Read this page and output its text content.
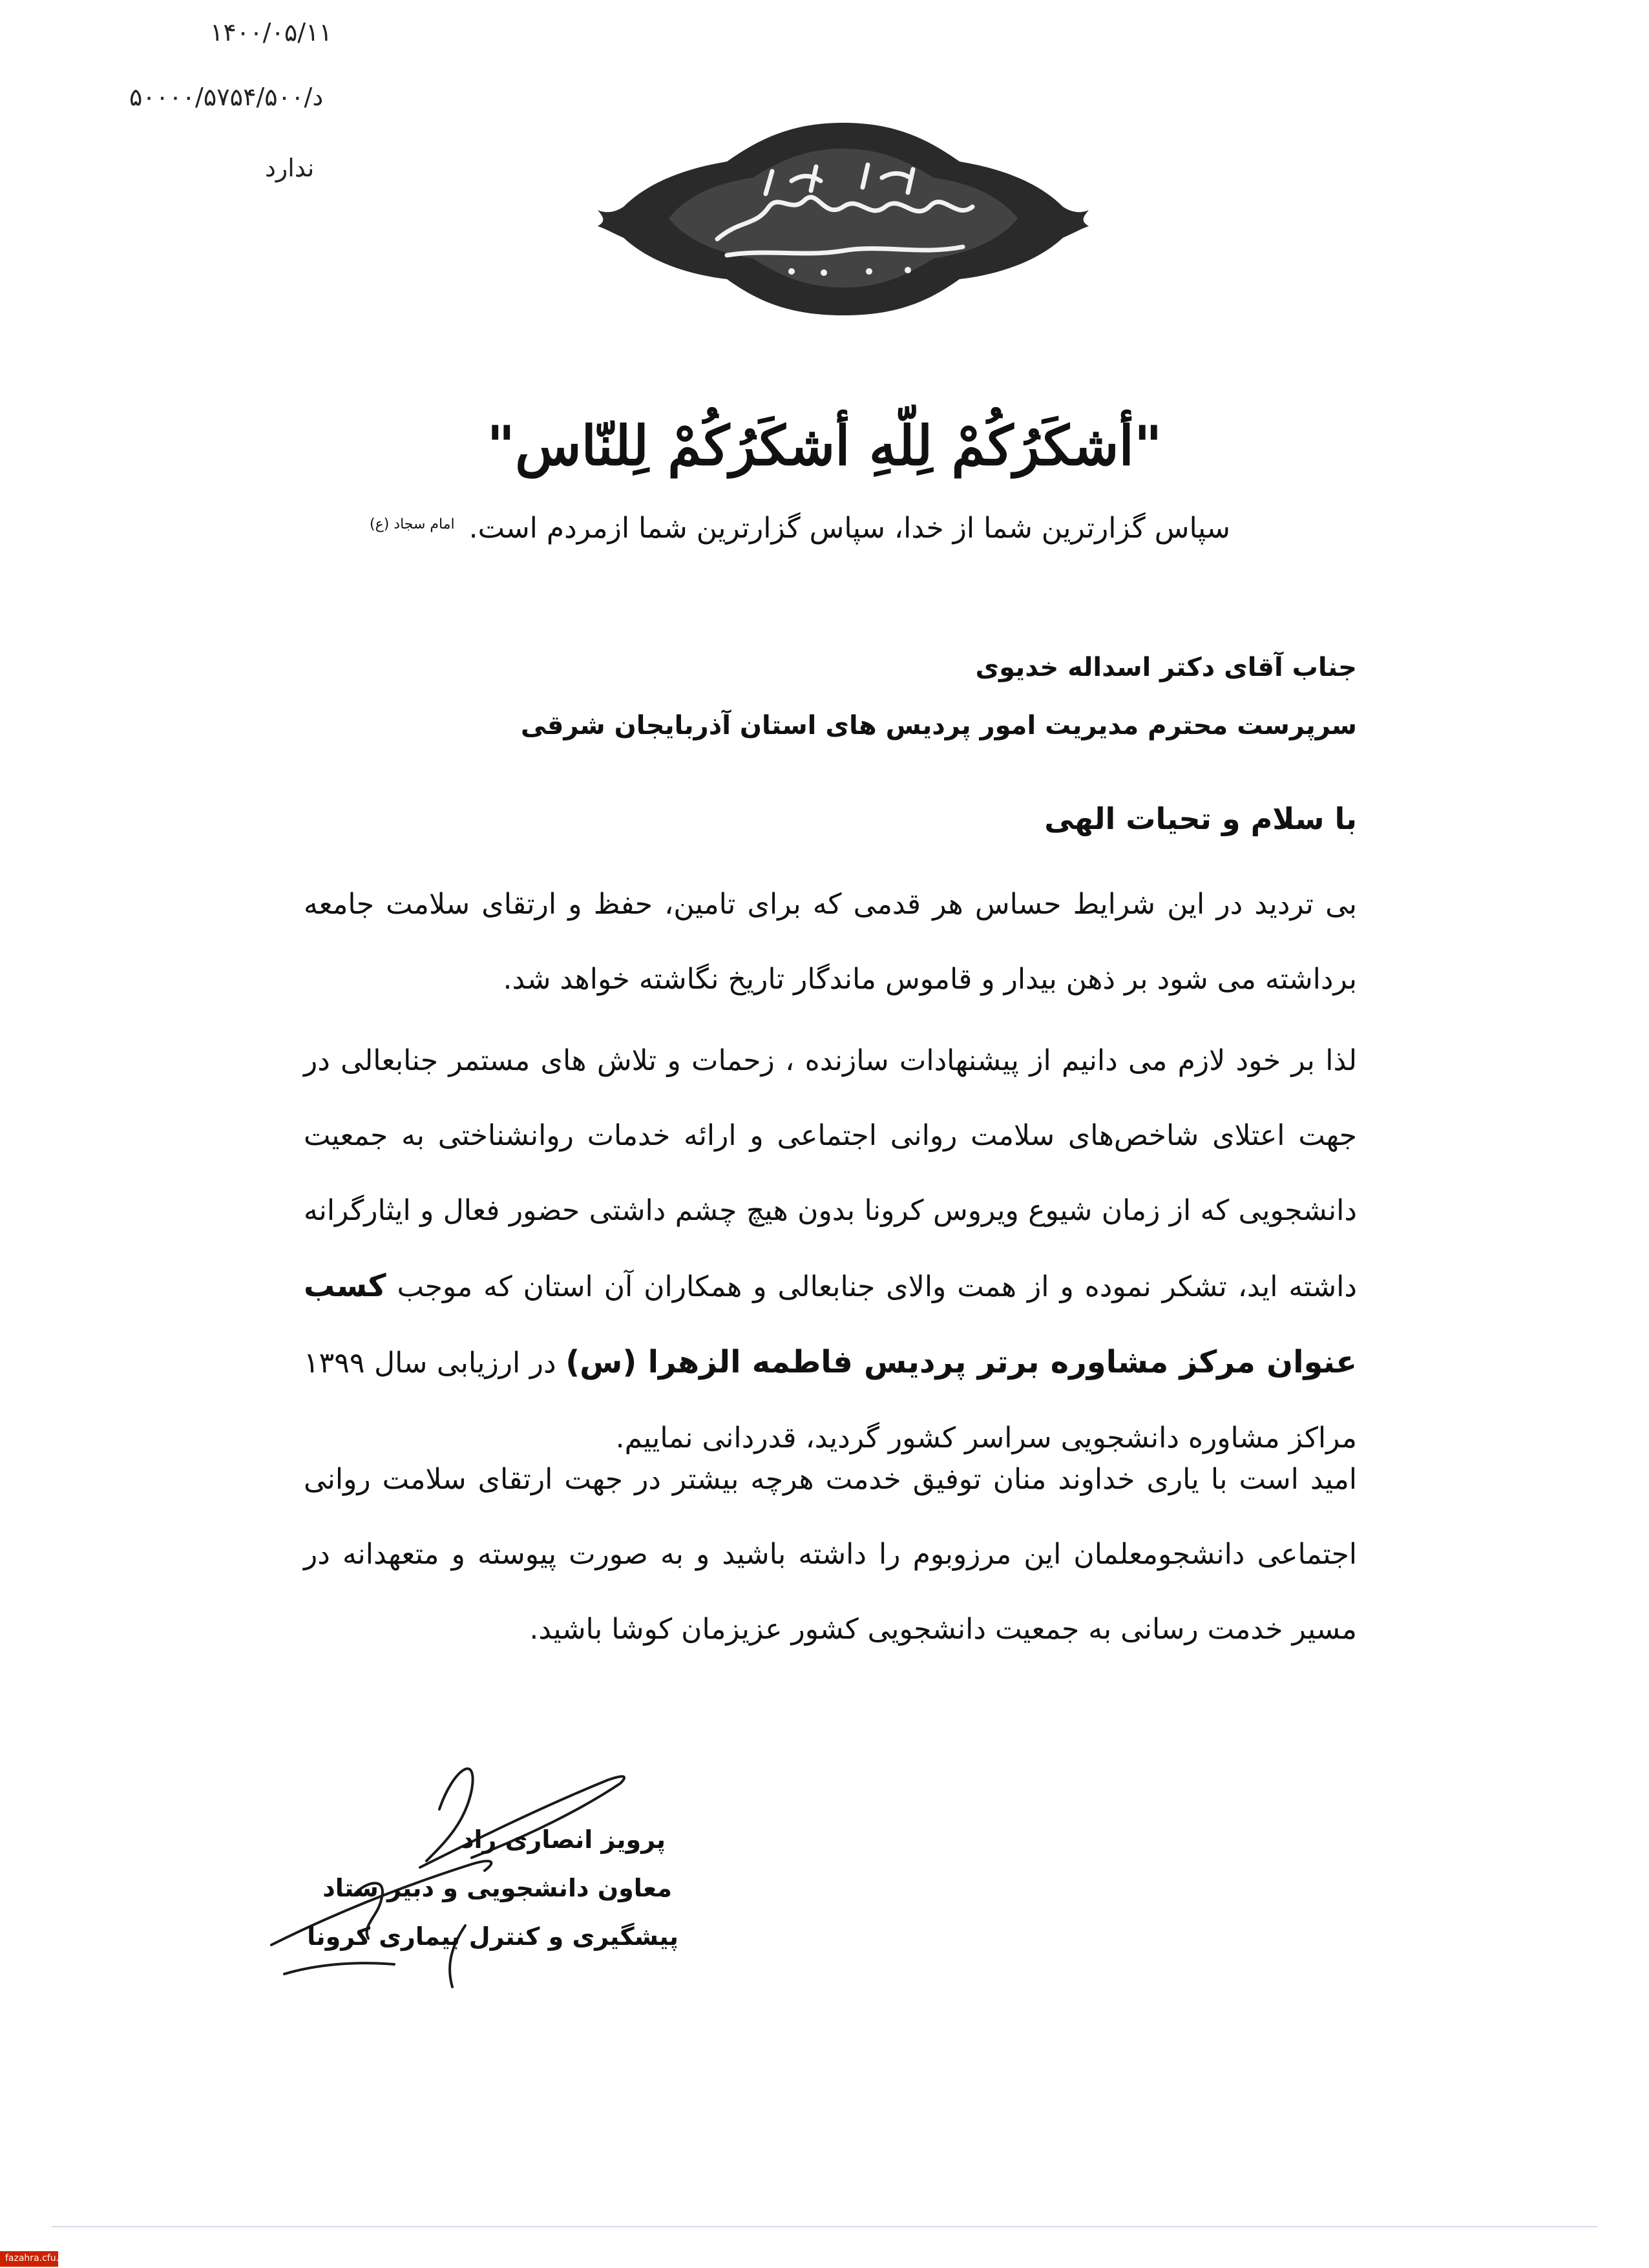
۱۴۰۰/۰۵/۱۱
د/۵۰۰۰۰/۵۷۵۴/۵۰۰
ندارد
"أشكَرُكُمْ لِلّهِ أشكَرُكُمْ لِلنّاس"
سپاس گزارترین شما از خدا، سپاس گزارترین شما ازمردم است.$^{امام سجاد (ع)}$
جناب آقای دکتر اسداله خدیوی
سرپرست محترم مدیریت امور پردیس های استان آذربایجان شرقی
با سلام و تحیات الهی
بی تردید در این شرایط حساس هر قدمی که برای تامین، حفظ و ارتقای سلامت جامعه برداشته می شود بر ذهن بیدار و قاموس ماندگار تاریخ نگاشته خواهد شد.
لذا بر خود لازم می دانیم از پیشنهادات سازنده ، زحمات و تلاش های مستمر جنابعالی در جهت اعتلای شاخص‌های سلامت روانی اجتماعی و ارائه خدمات روانشناختی به جمعیت دانشجویی که از زمان شیوع ویروس کرونا بدون هیچ چشم داشتی حضور فعال و ایثارگرانه داشته اید، تشکر نموده و از همت والای جنابعالی و همکاران آن استان که موجب کسب عنوان مرکز مشاوره برتر پردیس فاطمه الزهرا (س) در ارزیابی سال ۱۳۹۹ مراکز مشاوره دانشجویی سراسر کشور گردید، قدردانی نماییم.
امید است با یاری خداوند منان توفیق خدمت هرچه بیشتر در جهت ارتقای سلامت روانی اجتماعی دانشجومعلمان این مرزوبوم را داشته باشید و به صورت پیوسته و متعهدانه در مسیر خدمت رسانی به جمعیت دانشجویی کشور عزیزمان کوشا باشید.
پرویز انصاری راد
معاون دانشجویی و دبیر ستاد
پیشگیری و کنترل بیماری کرونا
fazahra.cfu.ac.ir
